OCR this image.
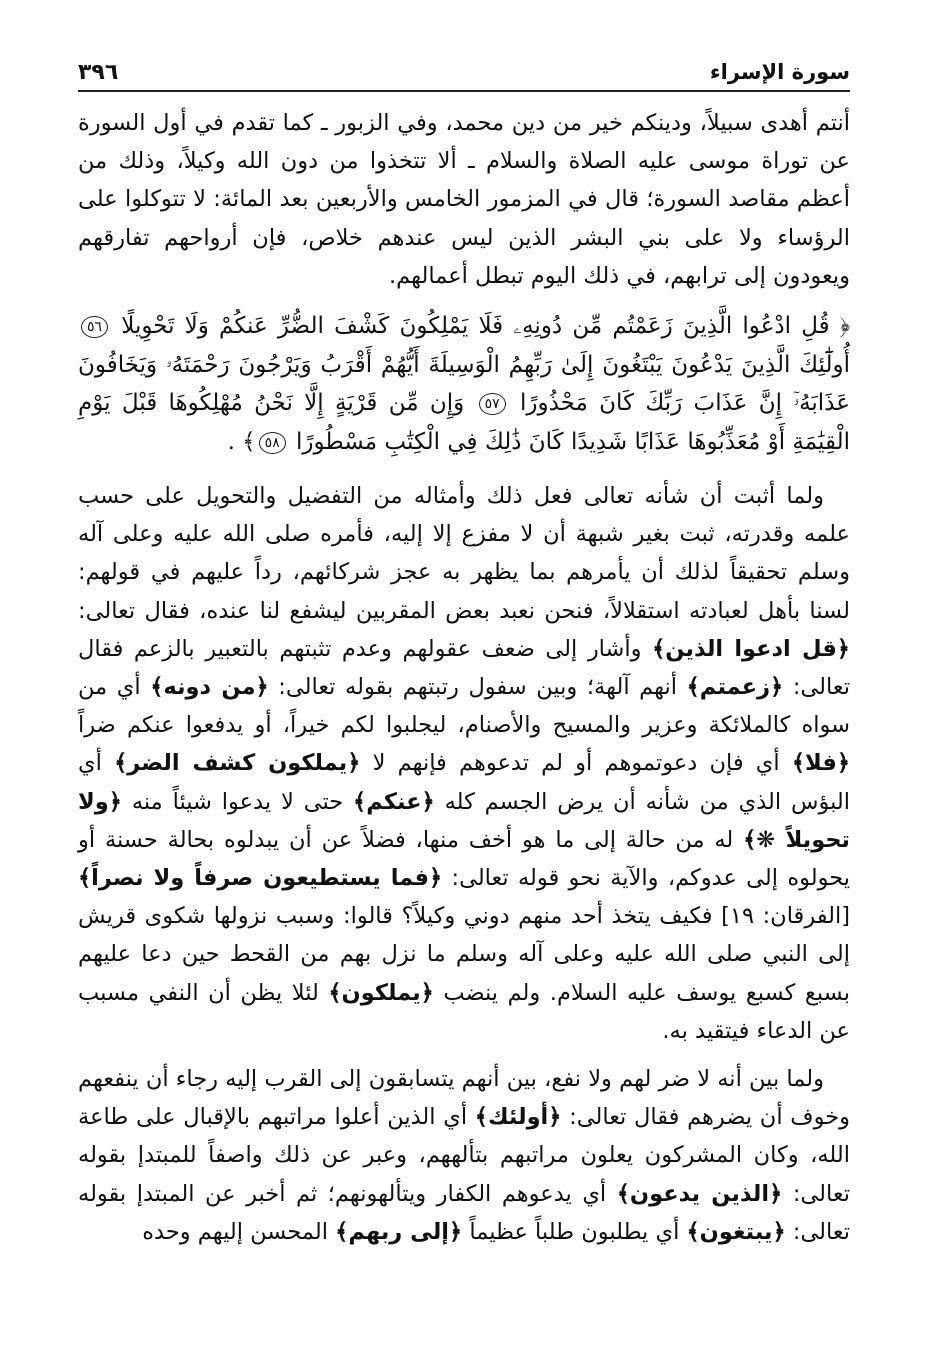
سورة الإسراء
٣٩٦

أنتم أهدى سبيلاً، ودينكم خير من دين محمد، وفي الزبور ـ كما تقدم في أول السورة عن توراة موسى عليه الصلاة والسلام ـ ألا تتخذوا من دون الله وكيلاً، وذلك من أعظم مقاصد السورة؛ قال في المزمور الخامس والأربعين بعد المائة: لا تتوكلوا على الرؤساء ولا على بني البشر الذين ليس عندهم خلاص، فإن أرواحهم تفارقهم ويعودون إلى ترابهم، في ذلك اليوم تبطل أعمالهم.

﴿ قُلِ ادْعُوا الَّذِينَ زَعَمْتُم مِّن دُونِهِۦ فَلَا يَمْلِكُونَ كَشْفَ الضُّرِّ عَنكُمْ وَلَا تَحْوِيلًا ٥٦ أُولَٰٓئِكَ الَّذِينَ يَدْعُونَ يَبْتَغُونَ إِلَىٰ رَبِّهِمُ الْوَسِيلَةَ أَيُّهُمْ أَقْرَبُ وَيَرْجُونَ رَحْمَتَهُۥ وَيَخَافُونَ عَذَابَهُۥٓ إِنَّ عَذَابَ رَبِّكَ كَانَ مَحْذُورًا ٥٧ وَإِن مِّن قَرْيَةٍ إِلَّا نَحْنُ مُهْلِكُوهَا قَبْلَ يَوْمِ الْقِيَٰمَةِ أَوْ مُعَذِّبُوهَا عَذَابًا شَدِيدًا كَانَ ذَٰلِكَ فِي الْكِتَٰبِ مَسْطُورًا ٥٨﴾ .

ولما أثبت أن شأنه تعالى فعل ذلك وأمثاله من التفضيل والتحويل على حسب علمه وقدرته، ثبت بغير شبهة أن لا مفزع إلا إليه، فأمره صلى الله عليه وعلى آله وسلم تحقيقاً لذلك أن يأمرهم بما يظهر به عجز شركائهم، رداً عليهم في قولهم: لسنا بأهل لعبادته استقلالاً، فنحن نعبد بعض المقربين ليشفع لنا عنده، فقال تعالى: ﴿قل ادعوا الذين﴾ وأشار إلى ضعف عقولهم وعدم تثبتهم بالتعبير بالزعم فقال تعالى: ﴿زعمتم﴾ أنهم آلهة؛ وبين سفول رتبتهم بقوله تعالى: ﴿من دونه﴾ أي من سواه كالملائكة وعزير والمسيح والأصنام، ليجلبوا لكم خيراً، أو يدفعوا عنكم ضراً ﴿فلا﴾ أي فإن دعوتموهم أو لم تدعوهم فإنهم لا ﴿يملكون كشف الضر﴾ أي البؤس الذي من شأنه أن يرض الجسم كله ﴿عنكم﴾ حتى لا يدعوا شيئاً منه ﴿ولا تحويلاً ❋﴾ له من حالة إلى ما هو أخف منها، فضلاً عن أن يبدلوه بحالة حسنة أو يحولوه إلى عدوكم، والآية نحو قوله تعالى: ﴿فما يستطيعون صرفاً ولا نصراً﴾ [الفرقان: ١٩] فكيف يتخذ أحد منهم دوني وكيلاً؟ قالوا: وسبب نزولها شكوى قريش إلى النبي صلى الله عليه وعلى آله وسلم ما نزل بهم من القحط حين دعا عليهم بسبع كسبع يوسف عليه السلام. ولم ينضب ﴿يملكون﴾ لئلا يظن أن النفي مسبب عن الدعاء فيتقيد به.

ولما بين أنه لا ضر لهم ولا نفع، بين أنهم يتسابقون إلى القرب إليه رجاء أن ينفعهم وخوف أن يضرهم فقال تعالى: ﴿أولئك﴾ أي الذين أعلوا مراتبهم بالإقبال على طاعة الله، وكان المشركون يعلون مراتبهم بتألههم، وعبر عن ذلك واصفاً للمبتدإ بقوله تعالى: ﴿الذين يدعون﴾ أي يدعوهم الكفار ويتألهونهم؛ ثم أخبر عن المبتدإ بقوله تعالى: ﴿يبتغون﴾ أي يطلبون طلباً عظيماً ﴿إلى ربهم﴾ المحسن إليهم وحده
